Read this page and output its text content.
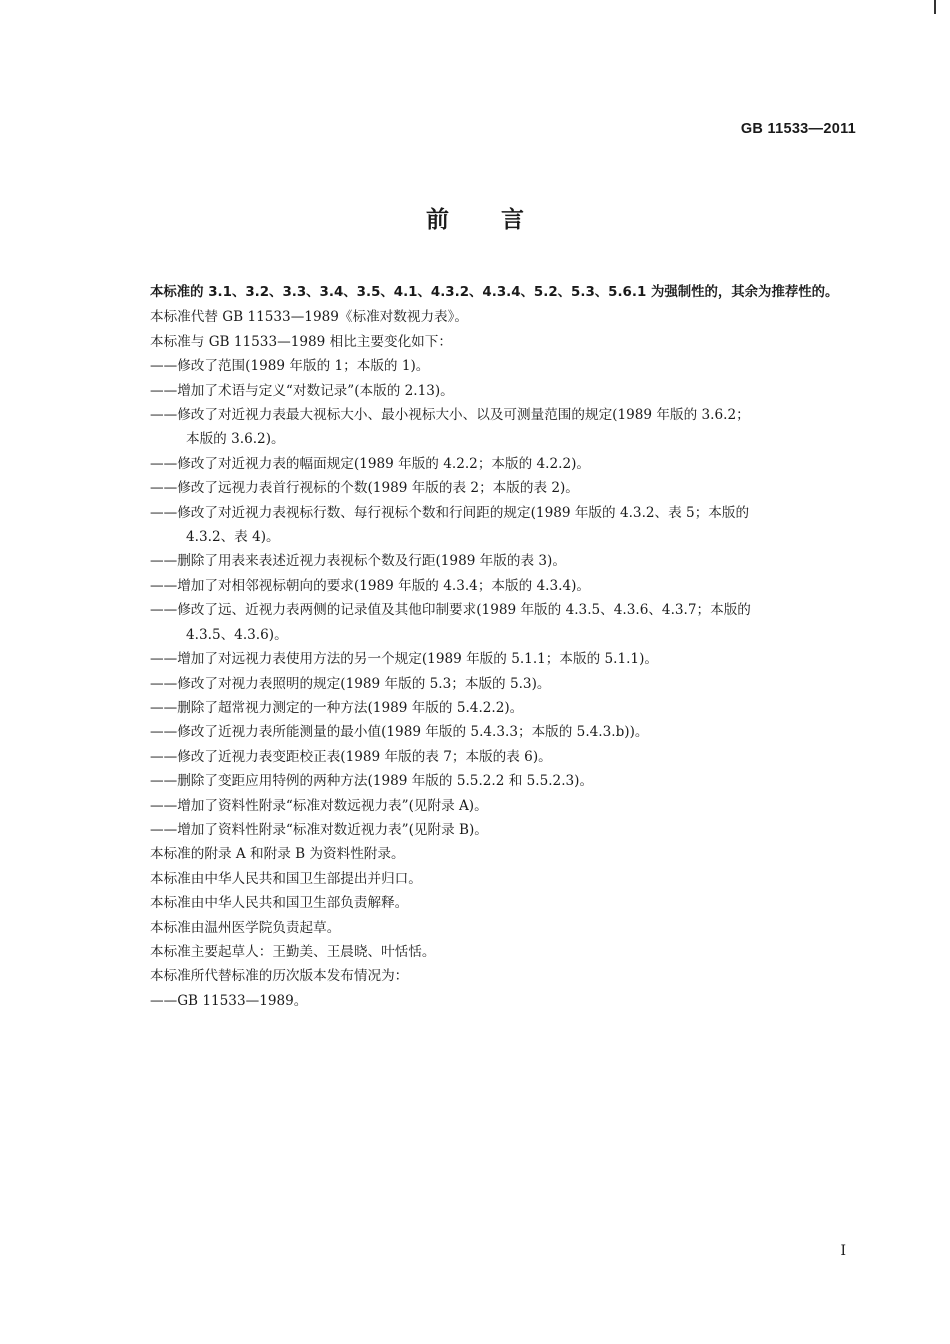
GB 11533—2011
前言
本标准的 3.1、3.2、3.3、3.4、3.5、4.1、4.3.2、4.3.4、5.2、5.3、5.6.1 为强制性的，其余为推荐性的。
本标准代替 GB 11533—1989《标准对数视力表》。
本标准与 GB 11533—1989 相比主要变化如下：
——修改了范围(1989 年版的 1；本版的 1)。
——增加了术语与定义“对数记录”(本版的 2.13)。
——修改了对近视力表最大视标大小、最小视标大小、以及可测量范围的规定(1989 年版的 3.6.2；
本版的 3.6.2)。
——修改了对近视力表的幅面规定(1989 年版的 4.2.2；本版的 4.2.2)。
——修改了远视力表首行视标的个数(1989 年版的表 2；本版的表 2)。
——修改了对近视力表视标行数、每行视标个数和行间距的规定(1989 年版的 4.3.2、表 5；本版的
4.3.2、表 4)。
——删除了用表来表述近视力表视标个数及行距(1989 年版的表 3)。
——增加了对相邻视标朝向的要求(1989 年版的 4.3.4；本版的 4.3.4)。
——修改了远、近视力表两侧的记录值及其他印制要求(1989 年版的 4.3.5、4.3.6、4.3.7；本版的
4.3.5、4.3.6)。
——增加了对远视力表使用方法的另一个规定(1989 年版的 5.1.1；本版的 5.1.1)。
——修改了对视力表照明的规定(1989 年版的 5.3；本版的 5.3)。
——删除了超常视力测定的一种方法(1989 年版的 5.4.2.2)。
——修改了近视力表所能测量的最小值(1989 年版的 5.4.3.3；本版的 5.4.3.b))。
——修改了近视力表变距校正表(1989 年版的表 7；本版的表 6)。
——删除了变距应用特例的两种方法(1989 年版的 5.5.2.2 和 5.5.2.3)。
——增加了资料性附录“标准对数远视力表”(见附录 A)。
——增加了资料性附录“标准对数近视力表”(见附录 B)。
本标准的附录 A 和附录 B 为资料性附录。
本标准由中华人民共和国卫生部提出并归口。
本标准由中华人民共和国卫生部负责解释。
本标准由温州医学院负责起草。
本标准主要起草人：王勤美、王晨晓、叶恬恬。
本标准所代替标准的历次版本发布情况为：
——GB 11533—1989。
I
